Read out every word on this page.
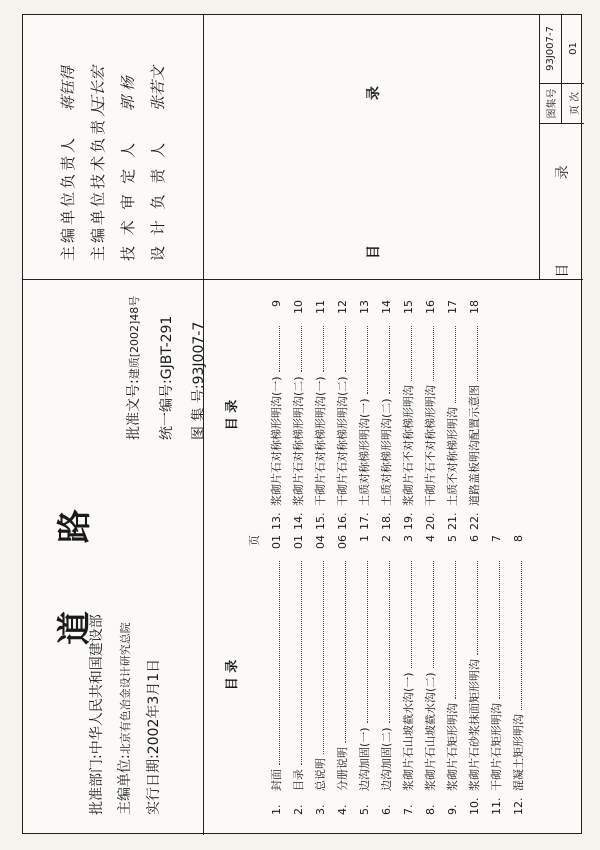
道 路
批准部门:中华人民共和国建设部 主编单位:北京有色冶金设计研究总院	实行日期:2002年3月1日
批准文号:建质[2002]48号	统一编号:GJBT-291	图 集 号:93J007-7
主编单位负责人
蒋钰得
主编单位技术负责人
王长宏
技 术 审 定 人
郭 杨
设 计 负 责 人
张若文
目 录
页
1.
封面
01
2.
目录
01
3.
总说明
04
4.
分册说明
06
5.
边沟加固(一)
1
6.
边沟加固(二)
2
7.
浆砌片石山坡截水沟(一)
3
8.
浆砌片石山坡截水沟(二)
4
9.
浆砌片石矩形明沟
5
10.
浆砌片石砂浆抹面矩形明沟
6
11.
干砌片石矩形明沟
7
12.
混凝土矩形明沟
8
目 录
13.
浆砌片石对称梯形明沟(一)
9
14.
浆砌片石对称梯形明沟(二)
10
15.
干砌片石对称梯形明沟(一)
11
16.
干砌片石对称梯形明沟(二)
12
17.
土质对称梯形明沟(一)
13
18.
土质对称梯形明沟(二)
14
19.
浆砌片石不对称梯形明沟
15
20.
干砌片石不对称梯形明沟
16
21.
土质不对称梯形明沟
17
22.
道路盖板明沟配置示意图
18
目 录	目 录
图集号
93J007-7
页 次
01
